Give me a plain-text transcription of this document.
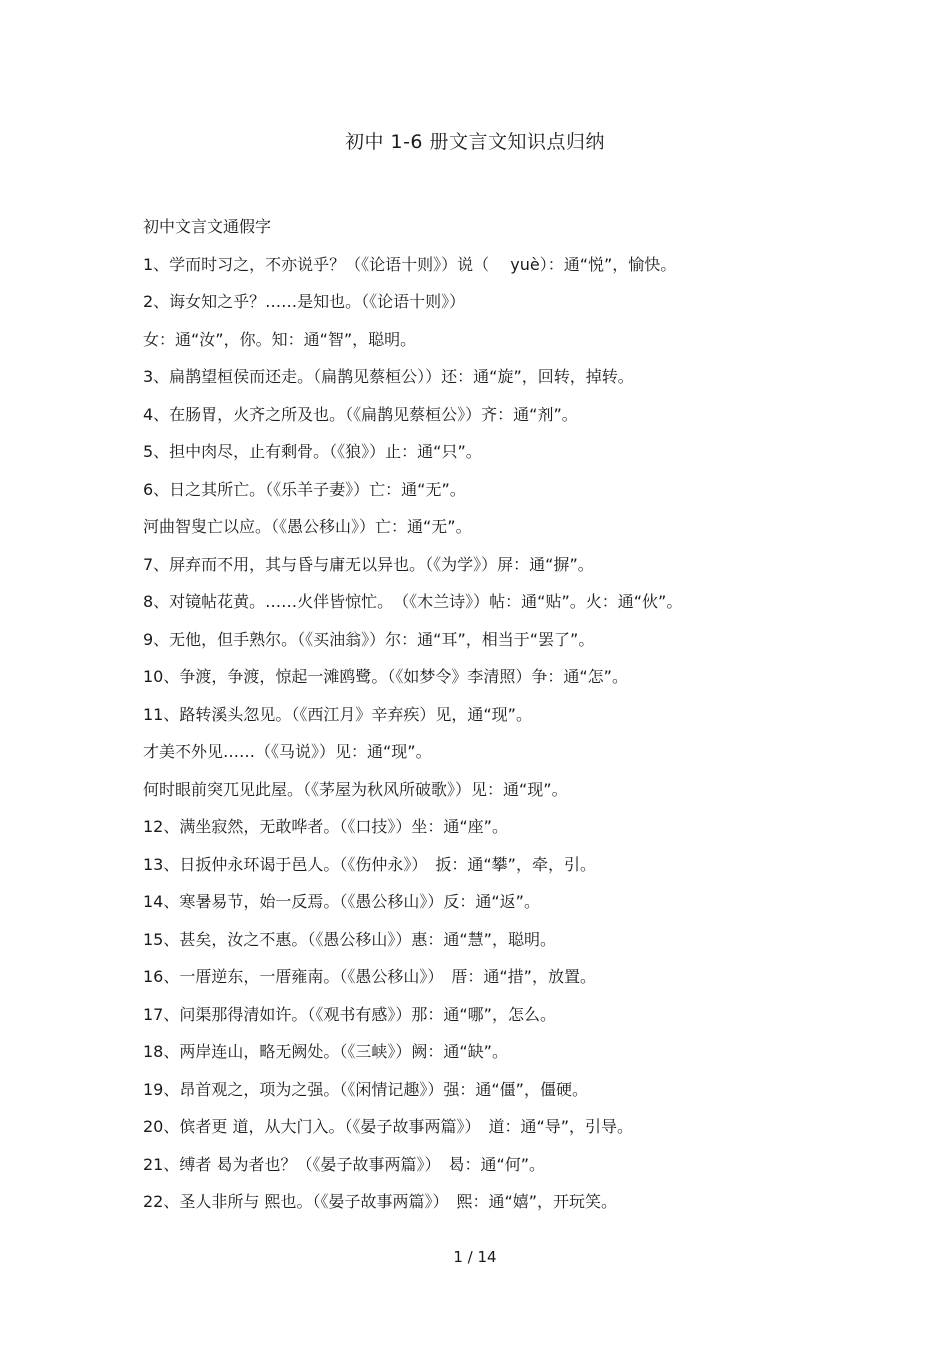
初中 1-6 册文言文知识点归纳
初中文言文通假字
1、学而时习之，不亦说乎？（《论语十则》）说（　 yuè）：通“悦”，愉快。
2、诲女知之乎？……是知也。（《论语十则》）
女：通“汝”，你。知：通“智”，聪明。
3、扁鹊望桓侯而还走。（扁鹊见蔡桓公））还：通“旋”，回转，掉转。
4、在肠胃，火齐之所及也。（《扁鹊见蔡桓公》）齐：通“剂”。
5、担中肉尽，止有剩骨。（《狼》）止：通“只”。
6、日之其所亡。（《乐羊子妻》）亡：通“无”。
河曲智叟亡以应。（《愚公移山》）亡：通“无”。
7、屏弃而不用，其与昏与庸无以异也。（《为学》）屏：通“摒”。
8、对镜帖花黄。……火伴皆惊忙。　（《木兰诗》）帖：通“贴”。火：通“伙”。
9、无他，但手熟尔。（《买油翁》）尔：通“耳”，相当于“罢了”。
10、争渡，争渡，惊起一滩鸥鹭。（《如梦令》李清照）争：通“怎”。
11、路转溪头忽见。（《西江月》辛弃疾）见，通“现”。
才美不外见……（《马说》）见：通“现”。
何时眼前突兀见此屋。（《茅屋为秋风所破歌》）见：通“现”。
12、满坐寂然，无敢哗者。（《口技》）坐：通“座”。
13、日扳仲永环谒于邑人。（《伤仲永》）　扳：通“攀”，牵，引。
14、寒暑易节，始一反焉。（《愚公移山》）反：通“返”。
15、甚矣，汝之不惠。（《愚公移山》）惠：通“慧”，聪明。
16、一厝逆东，一厝雍南。（《愚公移山》）　厝：通“措”，放置。
17、问渠那得清如许。（《观书有感》）那：通“哪”，怎么。
18、两岸连山，略无阙处。（《三峡》）阙：通“缺”。
19、昂首观之，项为之强。（《闲情记趣》）强：通“僵”，僵硬。
20、傧者更 道，从大门入。（《晏子故事两篇》）　道：通“导”，引导。
21、缚者 曷为者也？（《晏子故事两篇》）　曷：通“何”。
22、圣人非所与 熙也。（《晏子故事两篇》）　熙：通“嬉”，开玩笑。
1 / 14
